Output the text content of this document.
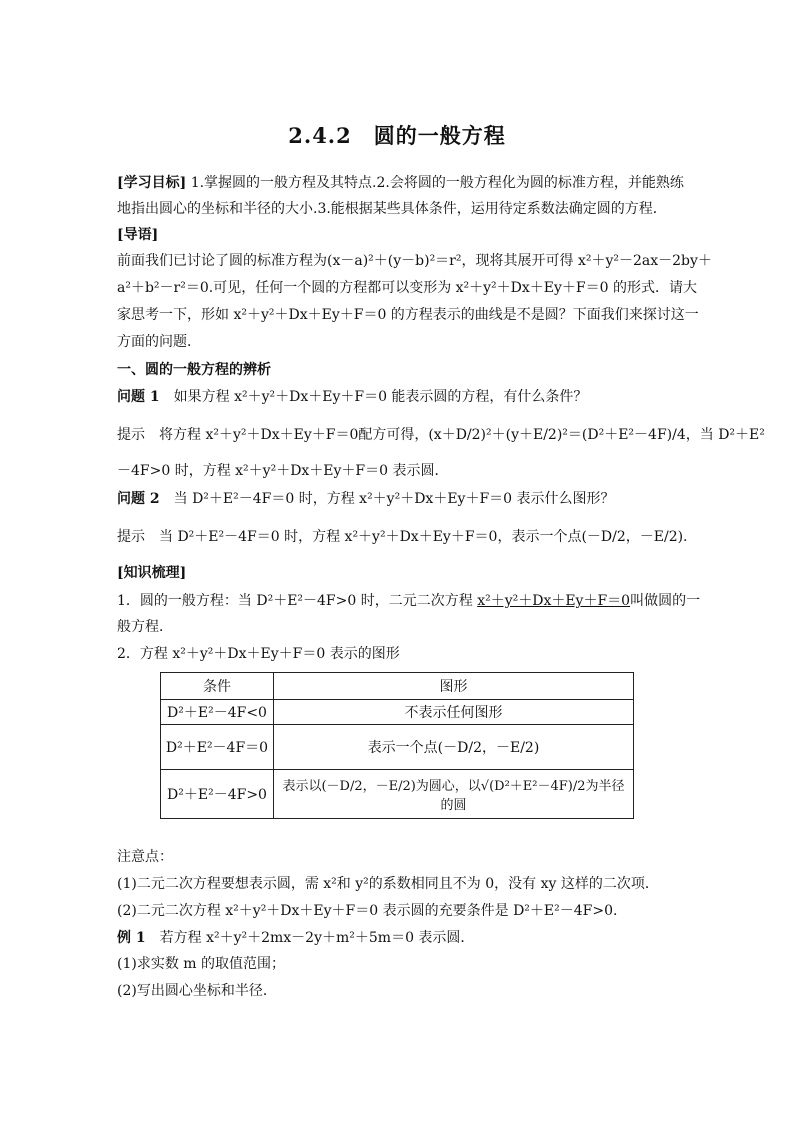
2.4.2　圆的一般方程
[学习目标] 1.掌握圆的一般方程及其特点.2.会将圆的一般方程化为圆的标准方程，并能熟练
地指出圆心的坐标和半径的大小.3.能根据某些具体条件，运用待定系数法确定圆的方程．
[导语]
前面我们已讨论了圆的标准方程为(x－a)²＋(y－b)²＝r²，现将其展开可得 x²＋y²－2ax－2by＋
a²＋b²－r²＝0.可见，任何一个圆的方程都可以变形为 x²＋y²＋Dx＋Ey＋F＝0 的形式．请大
家思考一下，形如 x²＋y²＋Dx＋Ey＋F＝0 的方程表示的曲线是不是圆？下面我们来探讨这一
方面的问题．
一、圆的一般方程的辨析
问题 1　如果方程 x²＋y²＋Dx＋Ey＋F＝0 能表示圆的方程，有什么条件？
提示　将方程 x²＋y²＋Dx＋Ey＋F＝0配方可得，(x＋D/2)²＋(y＋E/2)²＝(D²＋E²－4F)/4，当 D²＋E²
－4F>0 时，方程 x²＋y²＋Dx＋Ey＋F＝0 表示圆．
问题 2　当 D²＋E²－4F＝0 时，方程 x²＋y²＋Dx＋Ey＋F＝0 表示什么图形？
提示　当 D²＋E²－4F＝0 时，方程 x²＋y²＋Dx＋Ey＋F＝0，表示一个点(－D/2，－E/2).
[知识梳理]
1．圆的一般方程：当 D²＋E²－4F>0 时，二元二次方程 x²＋y²＋Dx＋Ey＋F＝0叫做圆的一
般方程．
2．方程 x²＋y²＋Dx＋Ey＋F＝0 表示的图形
条件	图形
D²＋E²－4F<0	不表示任何图形
D²＋E²－4F＝0	表示一个点(－D/2，－E/2)
D²＋E²－4F>0	表示以(－D/2，－E/2)为圆心，以√(D²＋E²－4F)/2为半径的圆
注意点：
(1)二元二次方程要想表示圆，需 x²和 y²的系数相同且不为 0，没有 xy 这样的二次项．
(2)二元二次方程 x²＋y²＋Dx＋Ey＋F＝0 表示圆的充要条件是 D²＋E²－4F>0.
例 1　若方程 x²＋y²＋2mx－2y＋m²＋5m＝0 表示圆．
(1)求实数 m 的取值范围；
(2)写出圆心坐标和半径．
